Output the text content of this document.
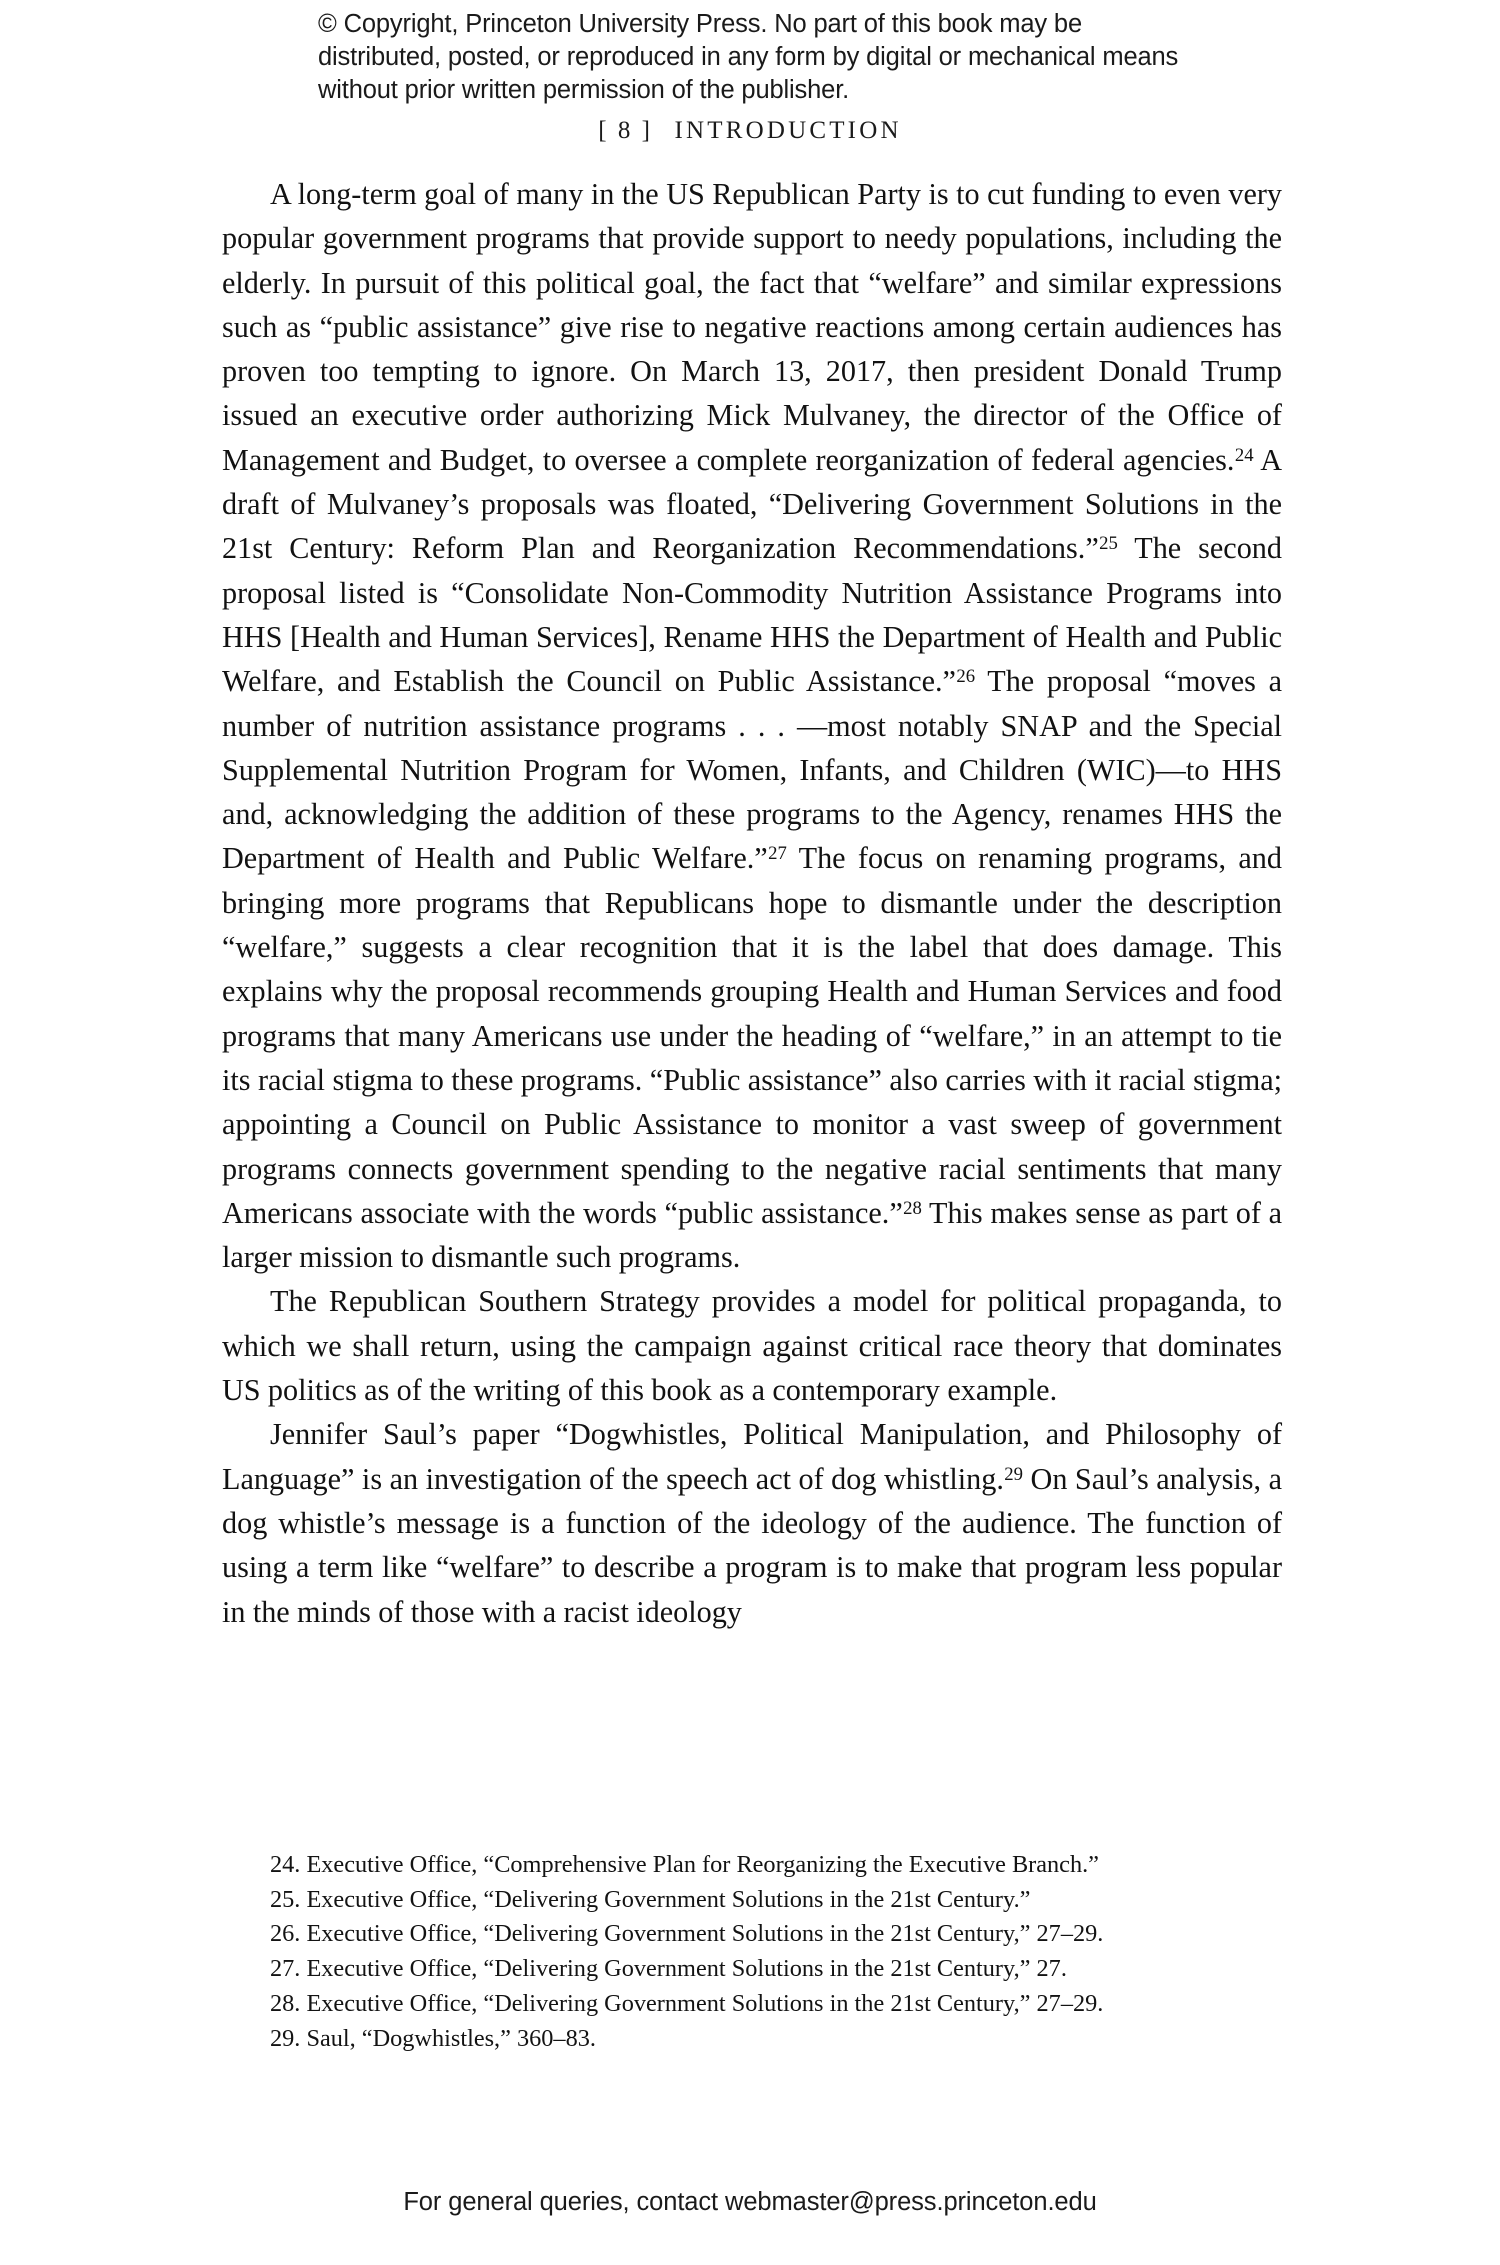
© Copyright, Princeton University Press. No part of this book may be distributed, posted, or reproduced in any form by digital or mechanical means without prior written permission of the publisher.
[ 8 ] INTRODUCTION

A long-term goal of many in the US Republican Party is to cut funding to even very popular government programs that provide support to needy populations, including the elderly. In pursuit of this political goal, the fact that “welfare” and similar expressions such as “public assistance” give rise to negative reactions among certain audiences has proven too tempting to ignore. On March 13, 2017, then president Donald Trump issued an executive order authorizing Mick Mulvaney, the director of the Office of Management and Budget, to oversee a complete reorganization of federal agencies.$^{24}$ A draft of Mulvaney’s proposals was floated, “Delivering Government Solutions in the 21st Century: Reform Plan and Reorganization Recommendations.”$^{25}$ The second proposal listed is “Consolidate Non-Commodity Nutrition Assistance Programs into HHS [Health and Human Services], Rename HHS the Department of Health and Public Welfare, and Establish the Council on Public Assistance.”$^{26}$ The proposal “moves a number of nutrition assistance programs . . . —most notably SNAP and the Special Supplemental Nutrition Program for Women, Infants, and Children (WIC)—to HHS and, acknowledging the addition of these programs to the Agency, renames HHS the Department of Health and Public Welfare.”$^{27}$ The focus on renaming programs, and bringing more programs that Republicans hope to dismantle under the description “welfare,” suggests a clear recognition that it is the label that does damage. This explains why the proposal recommends grouping Health and Human Services and food programs that many Americans use under the heading of “welfare,” in an attempt to tie its racial stigma to these programs. “Public assistance” also carries with it racial stigma; appointing a Council on Public Assistance to monitor a vast sweep of government programs connects government spending to the negative racial sentiments that many Americans associate with the words “public assistance.”$^{28}$ This makes sense as part of a larger mission to dismantle such programs.

The Republican Southern Strategy provides a model for political propaganda, to which we shall return, using the campaign against critical race theory that dominates US politics as of the writing of this book as a contemporary example.

Jennifer Saul’s paper “Dogwhistles, Political Manipulation, and Philosophy of Language” is an investigation of the speech act of dog whistling.$^{29}$ On Saul’s analysis, a dog whistle’s message is a function of the ideology of the audience. The function of using a term like “welfare” to describe a program is to make that program less popular in the minds of those with a racist ideology

24. Executive Office, “Comprehensive Plan for Reorganizing the Executive Branch.”

25. Executive Office, “Delivering Government Solutions in the 21st Century.”

26. Executive Office, “Delivering Government Solutions in the 21st Century,” 27–29.

27. Executive Office, “Delivering Government Solutions in the 21st Century,” 27.

28. Executive Office, “Delivering Government Solutions in the 21st Century,” 27–29.

29. Saul, “Dogwhistles,” 360–83.

For general queries, contact webmaster@press.princeton.edu
